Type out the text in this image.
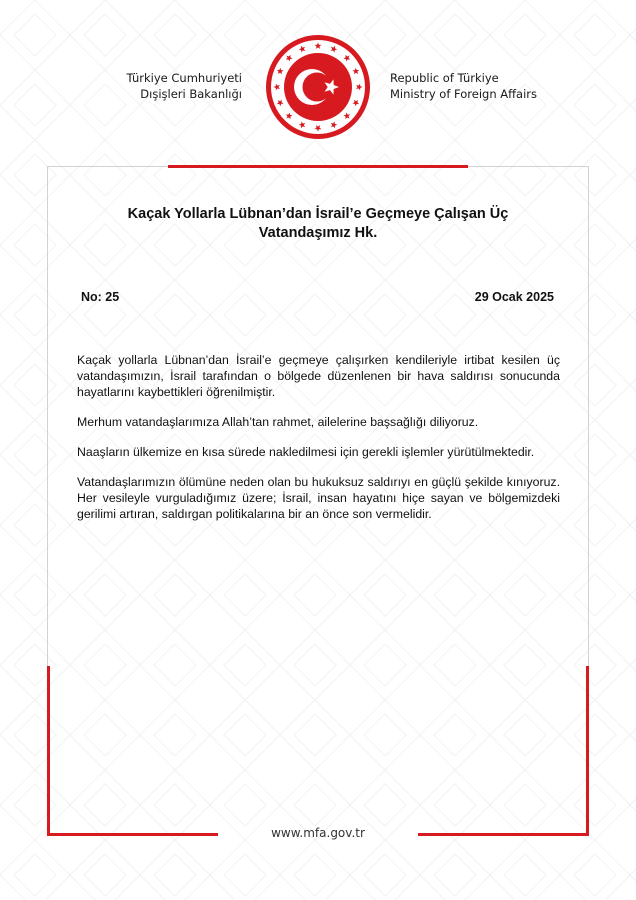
Türkiye Cumhuriyeti
Dışişleri Bakanlığı
Republic of Türkiye
Ministry of Foreign Affairs
Kaçak Yollarla Lübnan’dan İsrail’e Geçmeye Çalışan Üç
Vatandaşımız Hk.
No: 25	29 Ocak 2025

Kaçak yollarla Lübnan’dan İsrail’e geçmeye çalışırken kendileriyle irtibat kesilen üç vatandaşımızın, İsrail tarafından o bölgede düzenlenen bir hava saldırısı sonucunda hayatlarını kaybettikleri öğrenilmiştir.

Merhum vatandaşlarımıza Allah’tan rahmet, ailelerine başsağlığı diliyoruz.

Naaşların ülkemize en kısa sürede nakledilmesi için gerekli işlemler yürütülmektedir.

Vatandaşlarımızın ölümüne neden olan bu hukuksuz saldırıyı en güçlü şekilde kınıyoruz. Her vesileyle vurguladığımız üzere; İsrail, insan hayatını hiçe sayan ve bölgemizdeki gerilimi artıran, saldırgan politikalarına bir an önce son vermelidir.

www.mfa.gov.tr
